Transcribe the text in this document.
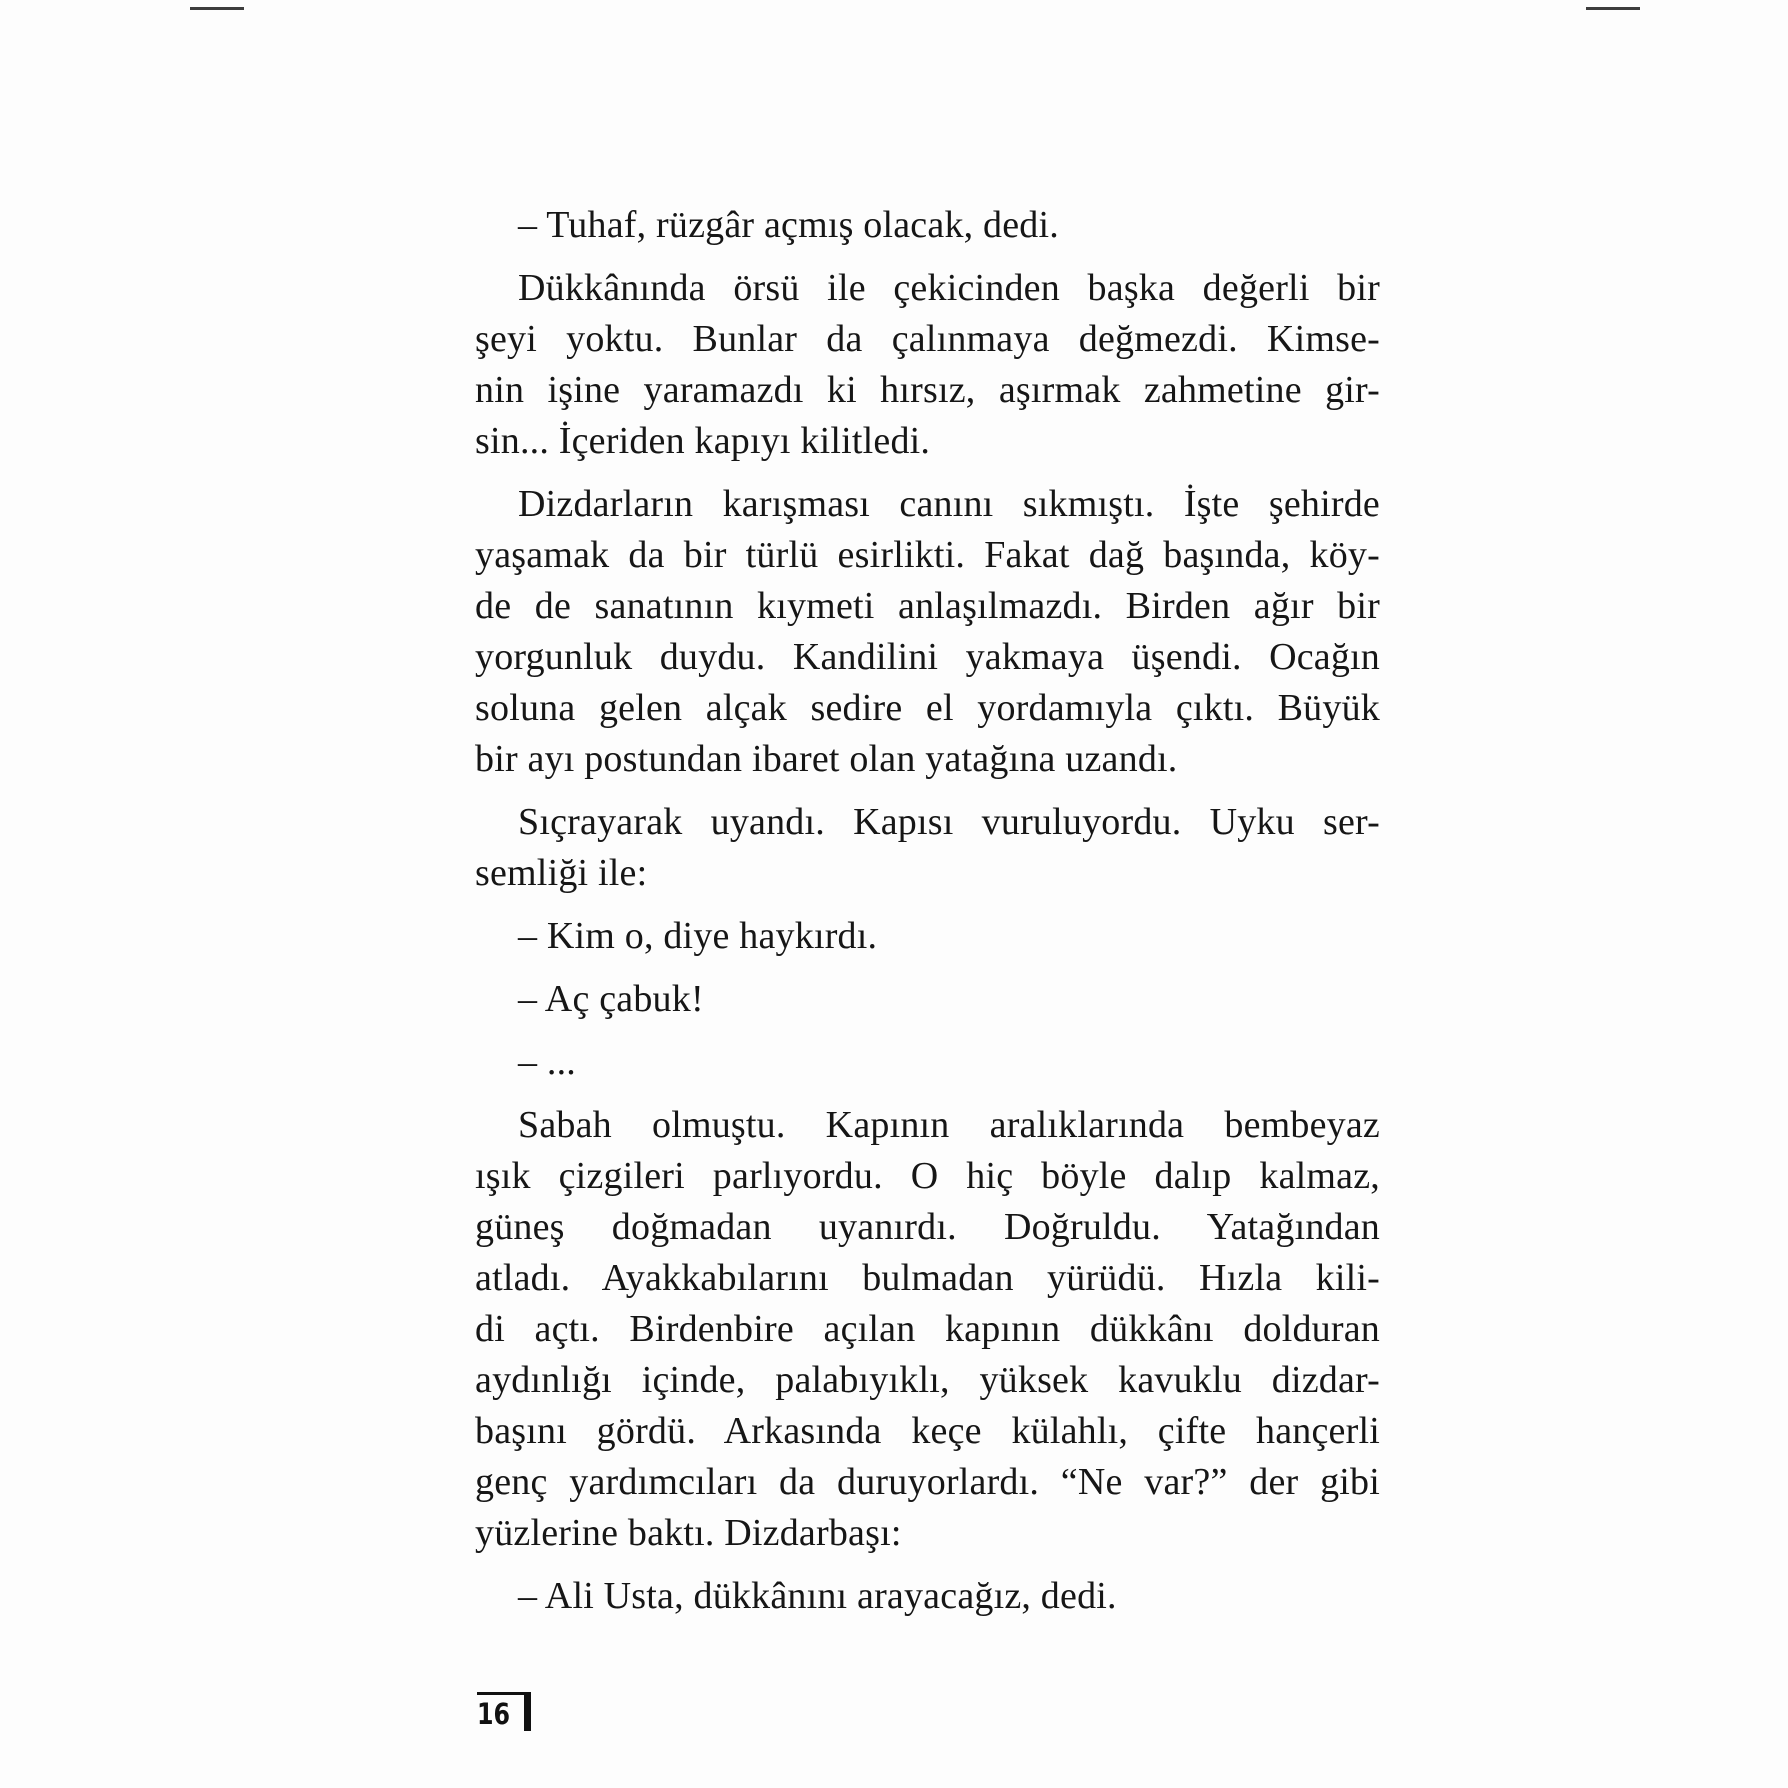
– Tuhaf, rüzgâr açmış olacak, dedi.
Dükkânında örsü ile çekicinden başka değerli bir
şeyi yoktu. Bunlar da çalınmaya değmezdi. Kimse-
nin işine yaramazdı ki hırsız, aşırmak zahmetine gir-
sin... İçeriden kapıyı kilitledi.
Dizdarların karışması canını sıkmıştı. İşte şehirde
yaşamak da bir türlü esirlikti. Fakat dağ başında, köy-
de de sanatının kıymeti anlaşılmazdı. Birden ağır bir
yorgunluk duydu. Kandilini yakmaya üşendi. Ocağın
soluna gelen alçak sedire el yordamıyla çıktı. Büyük
bir ayı postundan ibaret olan yatağına uzandı.
Sıçrayarak uyandı. Kapısı vuruluyordu. Uyku ser-
semliği ile:
– Kim o, diye haykırdı.
– Aç çabuk!
– ...
Sabah olmuştu. Kapının aralıklarında bembeyaz
ışık çizgileri parlıyordu. O hiç böyle dalıp kalmaz,
güneş doğmadan uyanırdı. Doğruldu. Yatağından
atladı. Ayakkabılarını bulmadan yürüdü. Hızla kili-
di açtı. Birdenbire açılan kapının dükkânı dolduran
aydınlığı içinde, palabıyıklı, yüksek kavuklu dizdar-
başını gördü. Arkasında keçe külahlı, çifte hançerli
genç yardımcıları da duruyorlardı. “Ne var?” der gibi
yüzlerine baktı. Dizdarbaşı:
– Ali Usta, dükkânını arayacağız, dedi.
16
